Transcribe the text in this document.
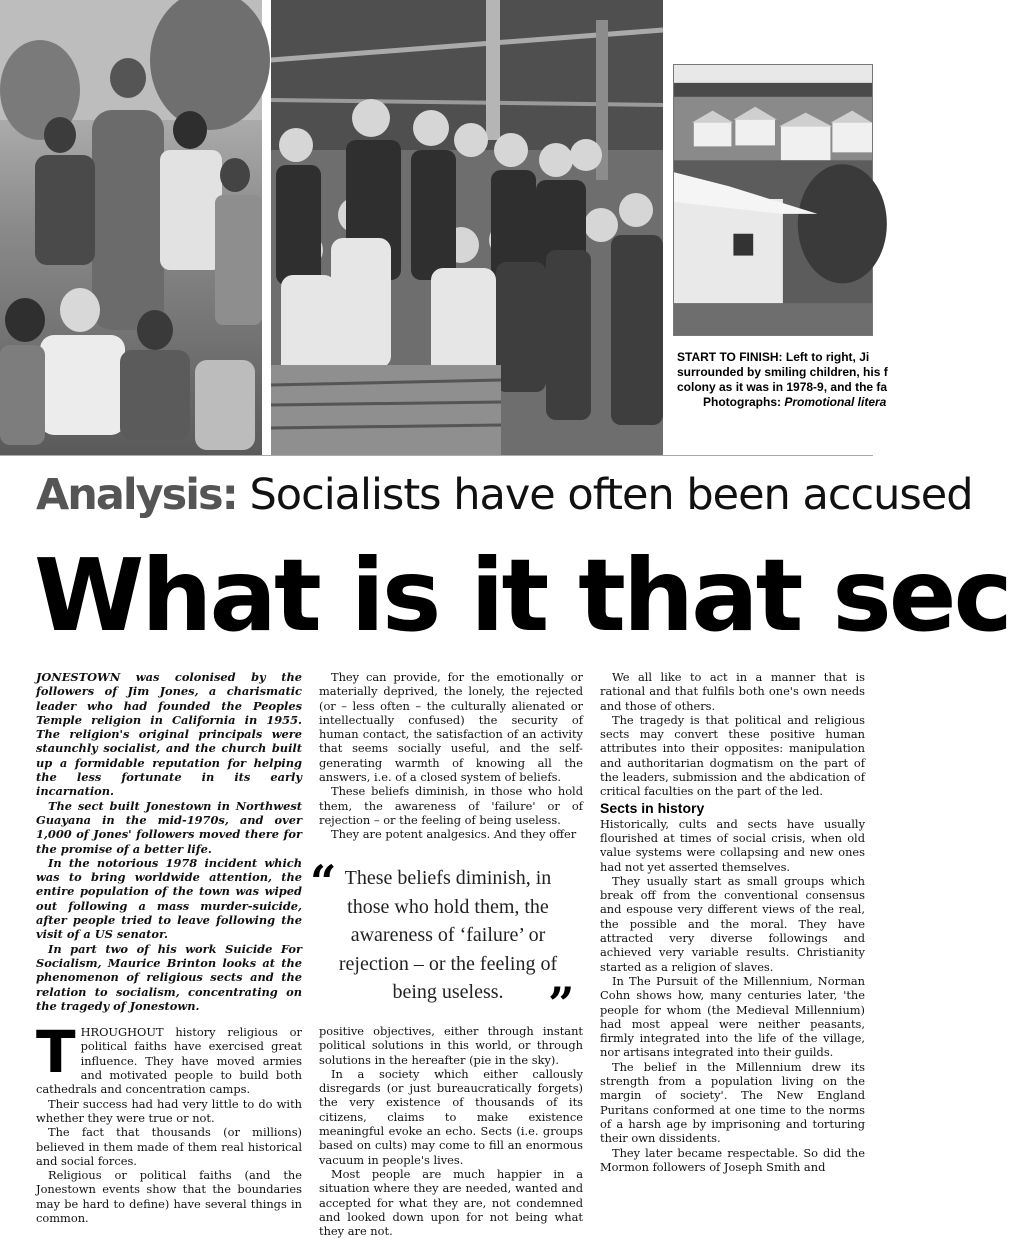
START TO FINISH: Left to right, Ji
surrounded by smiling children, his f
colony as it was in 1978-9, and the fa
Photographs: Promotional litera
Analysis: Socialists have often been accused
What is it that sec

JONESTOWN was colonised by the followers of Jim Jones, a charismatic leader who had founded the Peoples Temple religion in California in 1955. The religion's original principals were staunchly socialist, and the church built up a formidable reputation for helping the less fortunate in its early incarnation.

The sect built Jonestown in Northwest Guayana in the mid-1970s, and over 1,000 of Jones' followers moved there for the promise of a better life.

In the notorious 1978 incident which was to bring worldwide attention, the entire population of the town was wiped out following a mass murder-suicide, after people tried to leave following the visit of a US senator.

In part two of his work Suicide For Socialism, Maurice Brinton looks at the phenomenon of religious sects and the relation to socialism, concentrating on the tragedy of Jonestown.

T HROUGHOUT history religious or political faiths have exercised great influence. They have moved armies and motivated people to build both cathedrals and concentration camps.

Their success had had very little to do with whether they were true or not.

The fact that thousands (or millions) believed in them made of them real historical and social forces.

Religious or political faiths (and the Jonestown events show that the boundaries may be hard to define) have several things in common.

They can provide, for the emotionally or materially deprived, the lonely, the rejected (or – less often – the culturally alienated or intellectually confused) the security of human contact, the satisfaction of an activity that seems socially useful, and the self-generating warmth of knowing all the answers, i.e. of a closed system of beliefs.

These beliefs diminish, in those who hold them, the awareness of 'failure' or of rejection – or the feeling of being useless.

They are potent analgesics. And they offer

“ These beliefs diminish, in those who hold them, the awareness of ‘failure’ or rejection – or the feeling of being useless. ”

positive objectives, either through instant political solutions in this world, or through solutions in the hereafter (pie in the sky).

In a society which either callously disregards (or just bureaucratically forgets) the very existence of thousands of its citizens, claims to make existence meaningful evoke an echo. Sects (i.e. groups based on cults) may come to fill an enormous vacuum in people's lives.

Most people are much happier in a situation where they are needed, wanted and accepted for what they are, not condemned and looked down upon for not being what they are not.

We all like to act in a manner that is rational and that fulfils both one's own needs and those of others.

The tragedy is that political and religious sects may convert these positive human attributes into their opposites: manipulation and authoritarian dogmatism on the part of the leaders, submission and the abdication of critical faculties on the part of the led.

Sects in history

Historically, cults and sects have usually flourished at times of social crisis, when old value systems were collapsing and new ones had not yet asserted themselves.

They usually start as small groups which break off from the conventional consensus and espouse very different views of the real, the possible and the moral. They have attracted very diverse followings and achieved very variable results. Christianity started as a religion of slaves.

In The Pursuit of the Millennium, Norman Cohn shows how, many centuries later, 'the people for whom (the Medieval Millennium) had most appeal were neither peasants, firmly integrated into the life of the village, nor artisans integrated into their guilds.

The belief in the Millennium drew its strength from a population living on the margin of society'. The New England Puritans conformed at one time to the norms of a harsh age by imprisoning and torturing their own dissidents.

They later became respectable. So did the Mormon followers of Joseph Smith and
